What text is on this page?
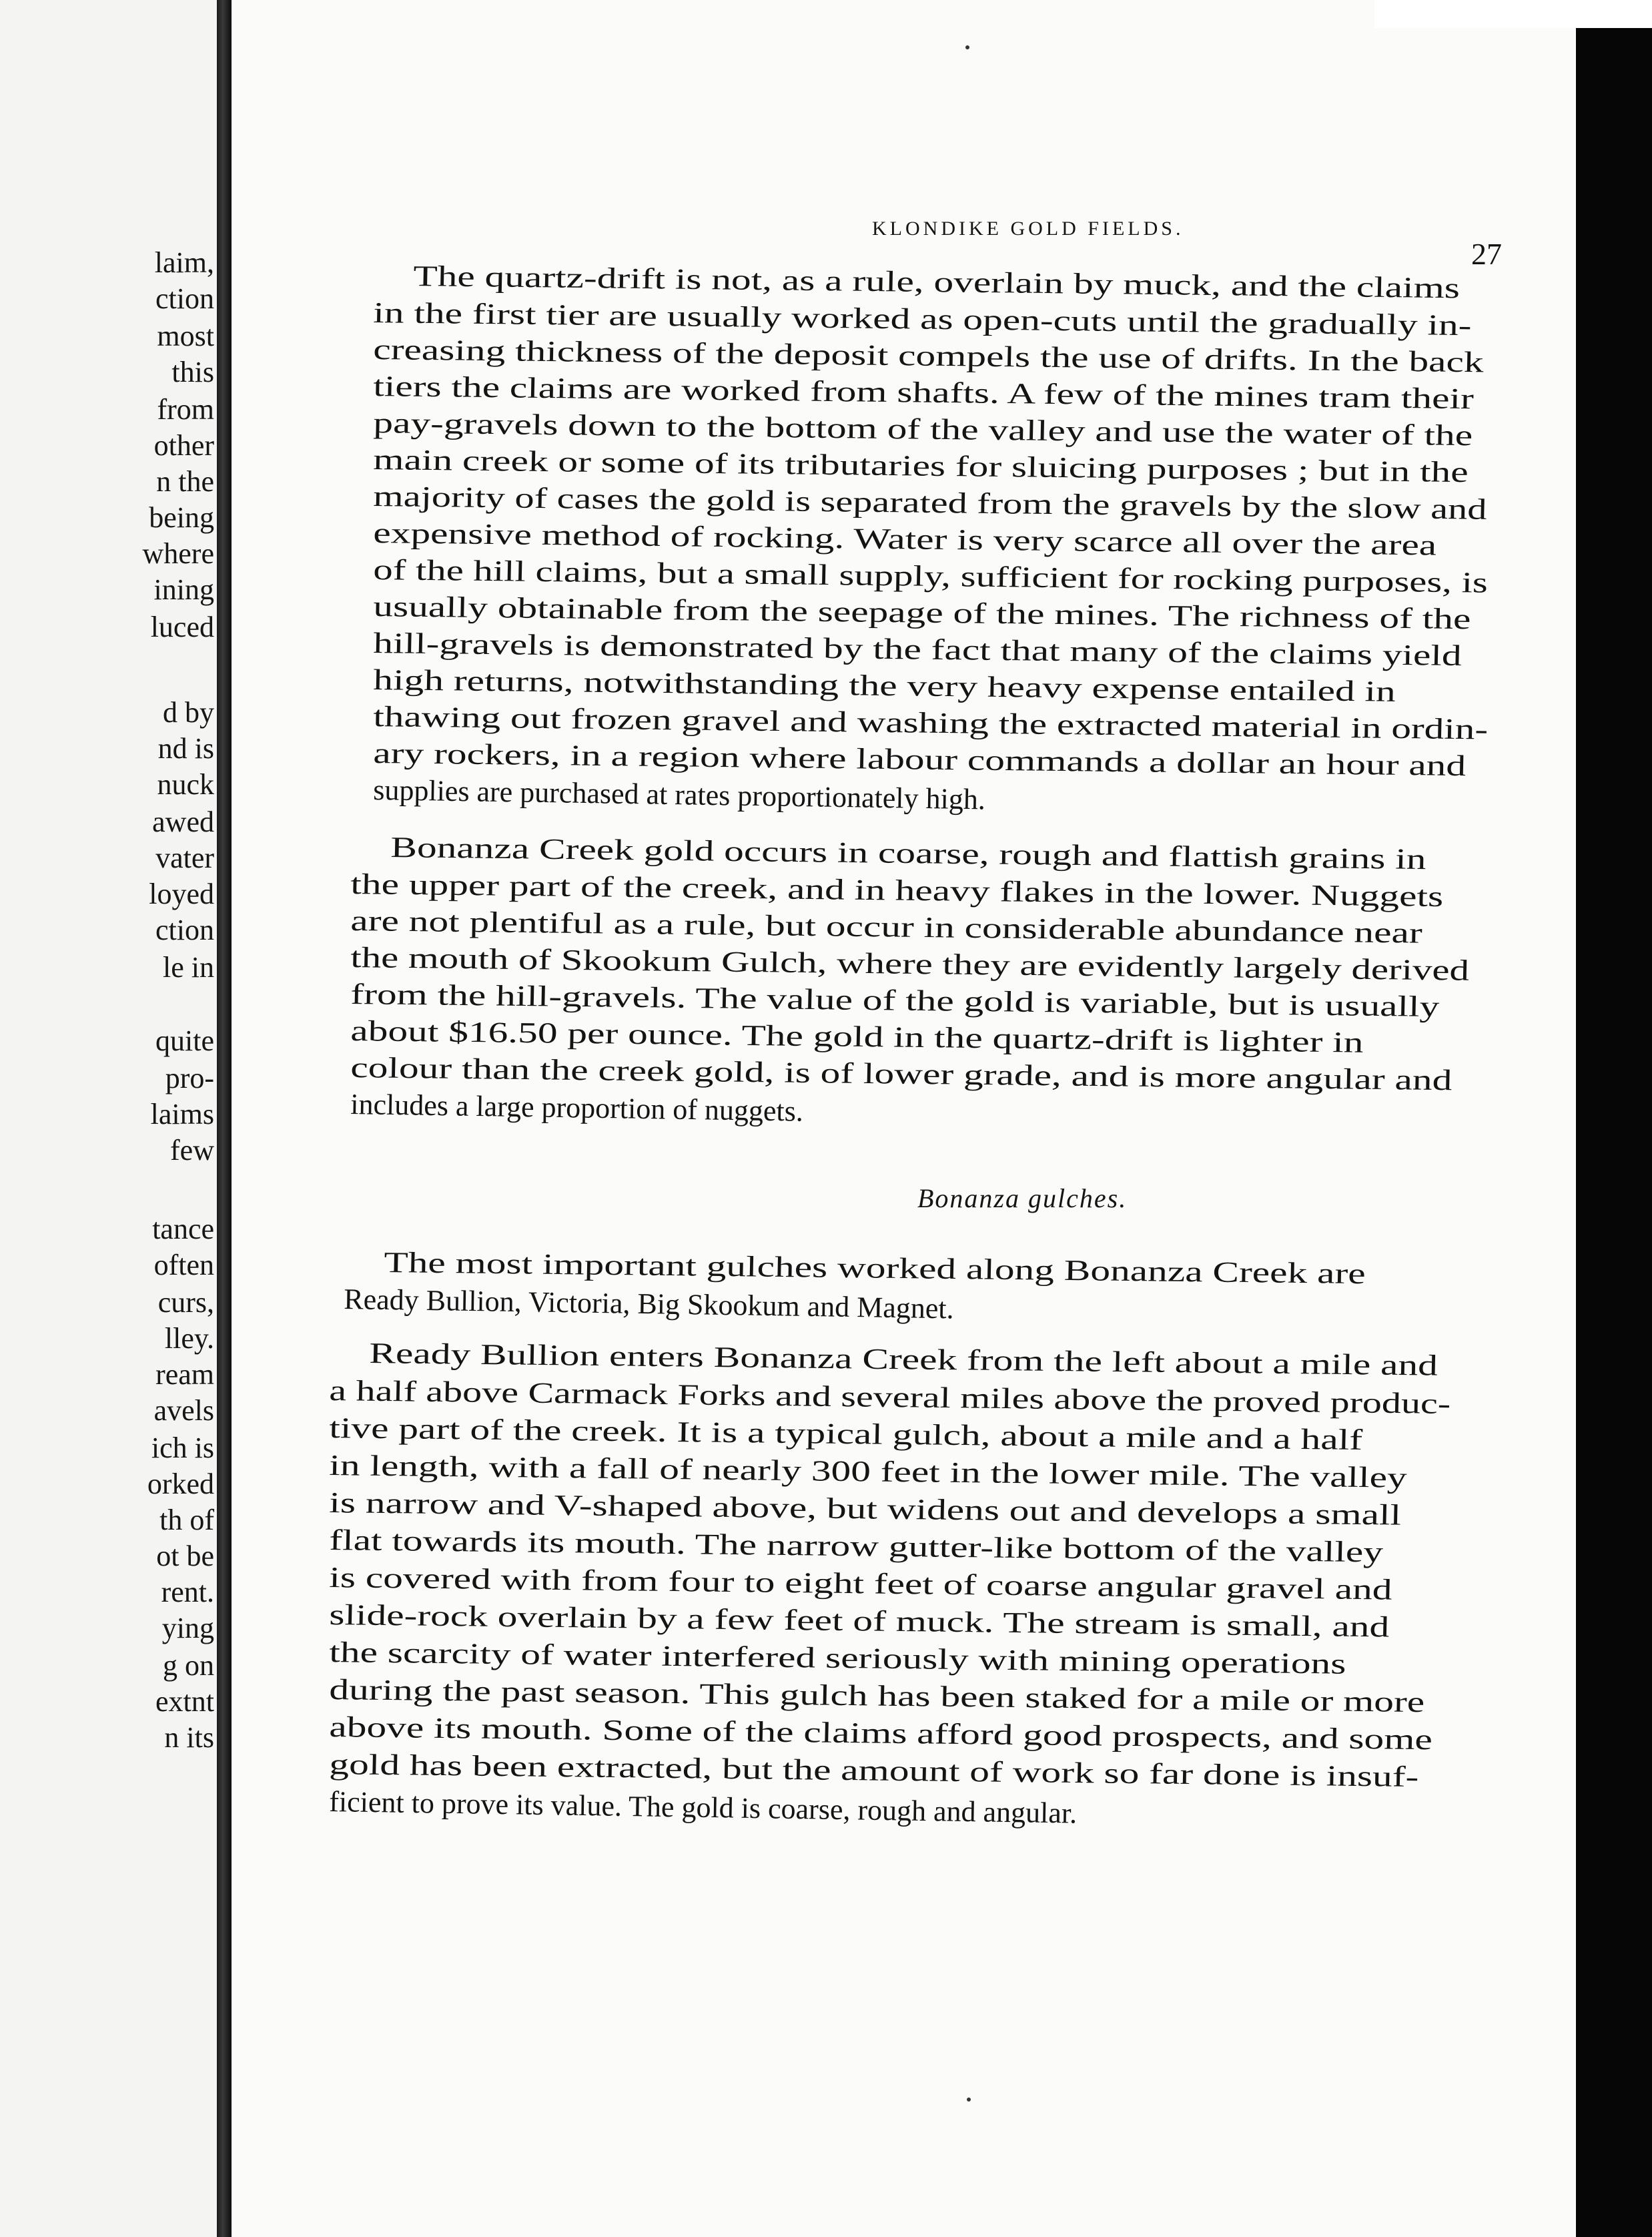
laim,
ction
most
this
from
other
n the
being
where
ining
luced
d by
nd is
nuck
awed
vater
loyed
ction
le in
quite
pro-
laims
few
tance
often
curs,
lley.
ream
avels
ich is
orked
th of
ot be
rent.
ying
g on
extnt
n its
KLONDIKE GOLD FIELDS.
27
The quartz-drift is not, as a rule, overlain by muck, and the claims
in the first tier are usually worked as open-cuts until the gradually in-
creasing thickness of the deposit compels the use of drifts. In the back
tiers the claims are worked from shafts. A few of the mines tram their
pay-gravels down to the bottom of the valley and use the water of the
main creek or some of its tributaries for sluicing purposes ; but in the
majority of cases the gold is separated from the gravels by the slow and
expensive method of rocking. Water is very scarce all over the area
of the hill claims, but a small supply, sufficient for rocking purposes, is
usually obtainable from the seepage of the mines. The richness of the
hill-gravels is demonstrated by the fact that many of the claims yield
high returns, notwithstanding the very heavy expense entailed in
thawing out frozen gravel and washing the extracted material in ordin-
ary rockers, in a region where labour commands a dollar an hour and
supplies are purchased at rates proportionately high.
Bonanza Creek gold occurs in coarse, rough and flattish grains in
the upper part of the creek, and in heavy flakes in the lower. Nuggets
are not plentiful as a rule, but occur in considerable abundance near
the mouth of Skookum Gulch, where they are evidently largely derived
from the hill-gravels. The value of the gold is variable, but is usually
about $16.50 per ounce. The gold in the quartz-drift is lighter in
colour than the creek gold, is of lower grade, and is more angular and
includes a large proportion of nuggets.
Bonanza gulches.
The most important gulches worked along Bonanza Creek are
Ready Bullion, Victoria, Big Skookum and Magnet.
Ready Bullion enters Bonanza Creek from the left about a mile and
a half above Carmack Forks and several miles above the proved produc-
tive part of the creek. It is a typical gulch, about a mile and a half
in length, with a fall of nearly 300 feet in the lower mile. The valley
is narrow and V-shaped above, but widens out and develops a small
flat towards its mouth. The narrow gutter-like bottom of the valley
is covered with from four to eight feet of coarse angular gravel and
slide-rock overlain by a few feet of muck. The stream is small, and
the scarcity of water interfered seriously with mining operations
during the past season. This gulch has been staked for a mile or more
above its mouth. Some of the claims afford good prospects, and some
gold has been extracted, but the amount of work so far done is insuf-
ficient to prove its value. The gold is coarse, rough and angular.
